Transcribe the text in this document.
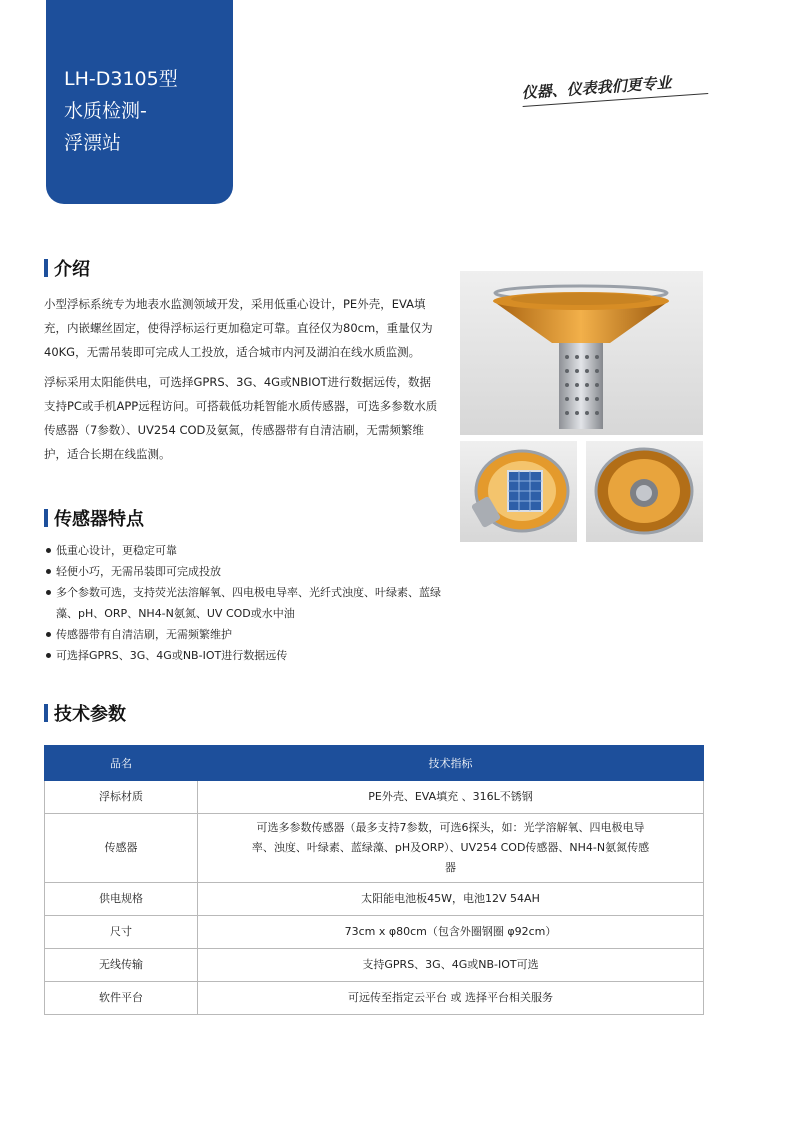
LH-D3105型
水质检测-
浮漂站
仪器、仪表我们更专业
介绍

小型浮标系统专为地表水监测领域开发，采用低重心设计，PE外壳，EVA填充，内嵌螺丝固定，使得浮标运行更加稳定可靠。直径仅为80cm，重量仅为40KG，无需吊装即可完成人工投放，适合城市内河及湖泊在线水质监测。

浮标采用太阳能供电，可选择GPRS、3G、4G或NBIOT进行数据远传，数据支持PC或手机APP远程访问。可搭载低功耗智能水质传感器，可选多参数水质传感器（7参数）、UV254 COD及氨氮，传感器带有自清洁刷，无需频繁维护，适合长期在线监测。

传感器特点
低重心设计，更稳定可靠
轻便小巧，无需吊装即可完成投放
多个参数可选，支持荧光法溶解氧、四电极电导率、光纤式浊度、叶绿素、蓝绿藻、pH、ORP、NH4-N氨氮、UV COD或水中油
传感器带有自清洁刷，无需频繁维护
可选择GPRS、3G、4G或NB-IOT进行数据远传
技术参数
品名	技术指标
浮标材质	PE外壳、EVA填充 、316L不锈钢
传感器	可选多参数传感器（最多支持7参数，可选6探头，如：光学溶解氧、四电极电导率、浊度、叶绿素、蓝绿藻、pH及ORP）、UV254 COD传感器、NH4-N氨氮传感器
供电规格	太阳能电池板45W，电池12V 54AH
尺寸	73cm x φ80cm（包含外圈钢圈 φ92cm）
无线传输	支持GPRS、3G、4G或NB-IOT可选
软件平台	可远传至指定云平台 或 选择平台相关服务
